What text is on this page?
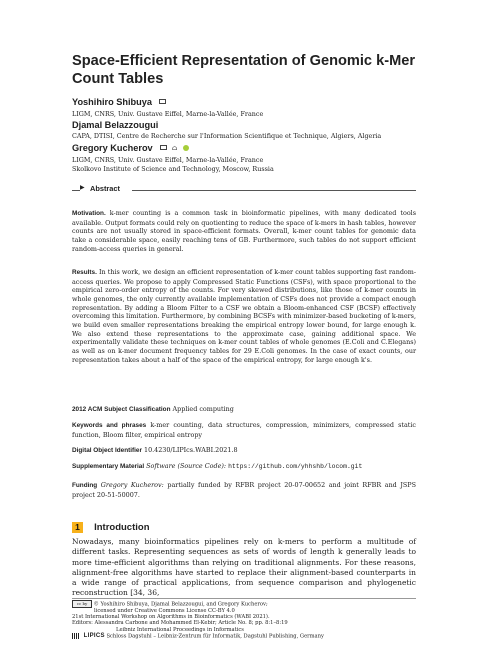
Space-Efficient Representation of Genomic k-Mer
Count Tables
Yoshihiro Shibuya
LIGM, CNRS, Univ. Gustave Eiffel, Marne-la-Vallée, France
Djamal Belazzougui
CAPA, DTISI, Centre de Recherche sur l'Information Scientifique et Technique, Algiers, Algeria
Gregory Kucherov	⌂
LIGM, CNRS, Univ. Gustave Eiffel, Marne-la-Vallée, France
Skolkovo Institute of Science and Technology, Moscow, Russia
▶ Abstract
Motivation. k-mer counting is a common task in bioinformatic pipelines, with many dedicated tools available. Output formats could rely on quotienting to reduce the space of k-mers in hash tables, however counts are not usually stored in space-efficient formats. Overall, k-mer count tables for genomic data take a considerable space, easily reaching tens of GB. Furthermore, such tables do not support efficient random-access queries in general.
Results. In this work, we design an efficient representation of k-mer count tables supporting fast random-access queries. We propose to apply Compressed Static Functions (CSFs), with space proportional to the empirical zero-order entropy of the counts. For very skewed distributions, like those of k-mer counts in whole genomes, the only currently available implementation of CSFs does not provide a compact enough representation. By adding a Bloom Filter to a CSF we obtain a Bloom-enhanced CSF (BCSF) effectively overcoming this limitation. Furthermore, by combining BCSFs with minimizer-based bucketing of k-mers, we build even smaller representations breaking the empirical entropy lower bound, for large enough k. We also extend these representations to the approximate case, gaining additional space. We experimentally validate these techniques on k-mer count tables of whole genomes (E.Coli and C.Elegans) as well as on k-mer document frequency tables for 29 E.Coli genomes. In the case of exact counts, our representation takes about a half of the space of the empirical entropy, for large enough k's.
2012 ACM Subject Classification Applied computing
Keywords and phrases k-mer counting, data structures, compression, minimizers, compressed static function, Bloom filter, empirical entropy
Digital Object Identifier 10.4230/LIPIcs.WABI.2021.8
Supplementary Material Software (Source Code): https://github.com/yhhshb/locom.git
Funding Gregory Kucherov: partially funded by RFBR project 20-07-00652 and joint RFBR and JSPS project 20-51-50007.
1 Introduction
Nowadays, many bioinformatics pipelines rely on k-mers to perform a multitude of different tasks. Representing sequences as sets of words of length k generally leads to more time-efficient algorithms than relying on traditional alignments. For these reasons, alignment-free algorithms have started to replace their alignment-based counterparts in a wide range of practical applications, from sequence comparison and phylogenetic reconstruction [34, 36,
cc by © Yoshihiro Shibuya, Djamal Belazzougui, and Gregory Kucherov;
licensed under Creative Commons License CC-BY 4.0
21st International Workshop on Algorithms in Bioinformatics (WABI 2021).
Editors: Alessandra Carbone and Mohammed El-Kebir; Article No. 8; pp. 8:1–8:19
Leibniz International Proceedings in Informatics
LIPICS Schloss Dagstuhl – Leibniz-Zentrum für Informatik, Dagstuhl Publishing, Germany
